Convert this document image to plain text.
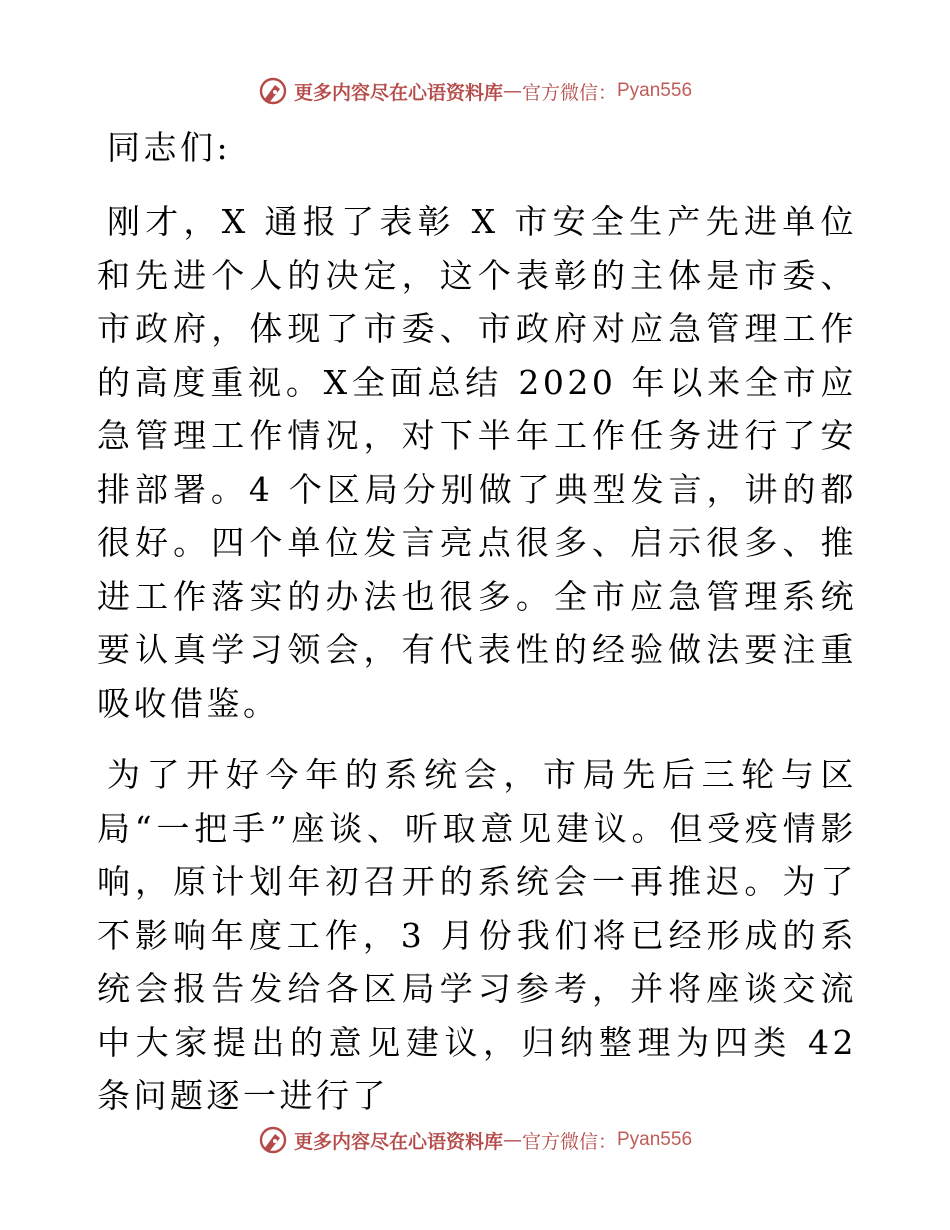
更多内容尽在心语资料库 — 官方微信： Pyan556

同志们:

刚才，X 通报了表彰 X 市安全生产先进单位和先进个人的决定，这个表彰的主体是市委、市政府，体现了市委、市政府对应急管理工作的高度重视。X全面总结 2020 年以来全市应急管理工作情况，对下半年工作任务进行了安排部署。4 个区局分别做了典型发言，讲的都很好。四个单位发言亮点很多、启示很多、推进工作落实的办法也很多。全市应急管理系统要认真学习领会，有代表性的经验做法要注重吸收借鉴。

为了开好今年的系统会，市局先后三轮与区局“一把手”座谈、听取意见建议。但受疫情影响，原计划年初召开的系统会一再推迟。为了不影响年度工作，3 月份我们将已经形成的系统会报告发给各区局学习参考，并将座谈交流中大家提出的意见建议，归纳整理为四类 42 条问题逐一进行了

更多内容尽在心语资料库 — 官方微信： Pyan556
